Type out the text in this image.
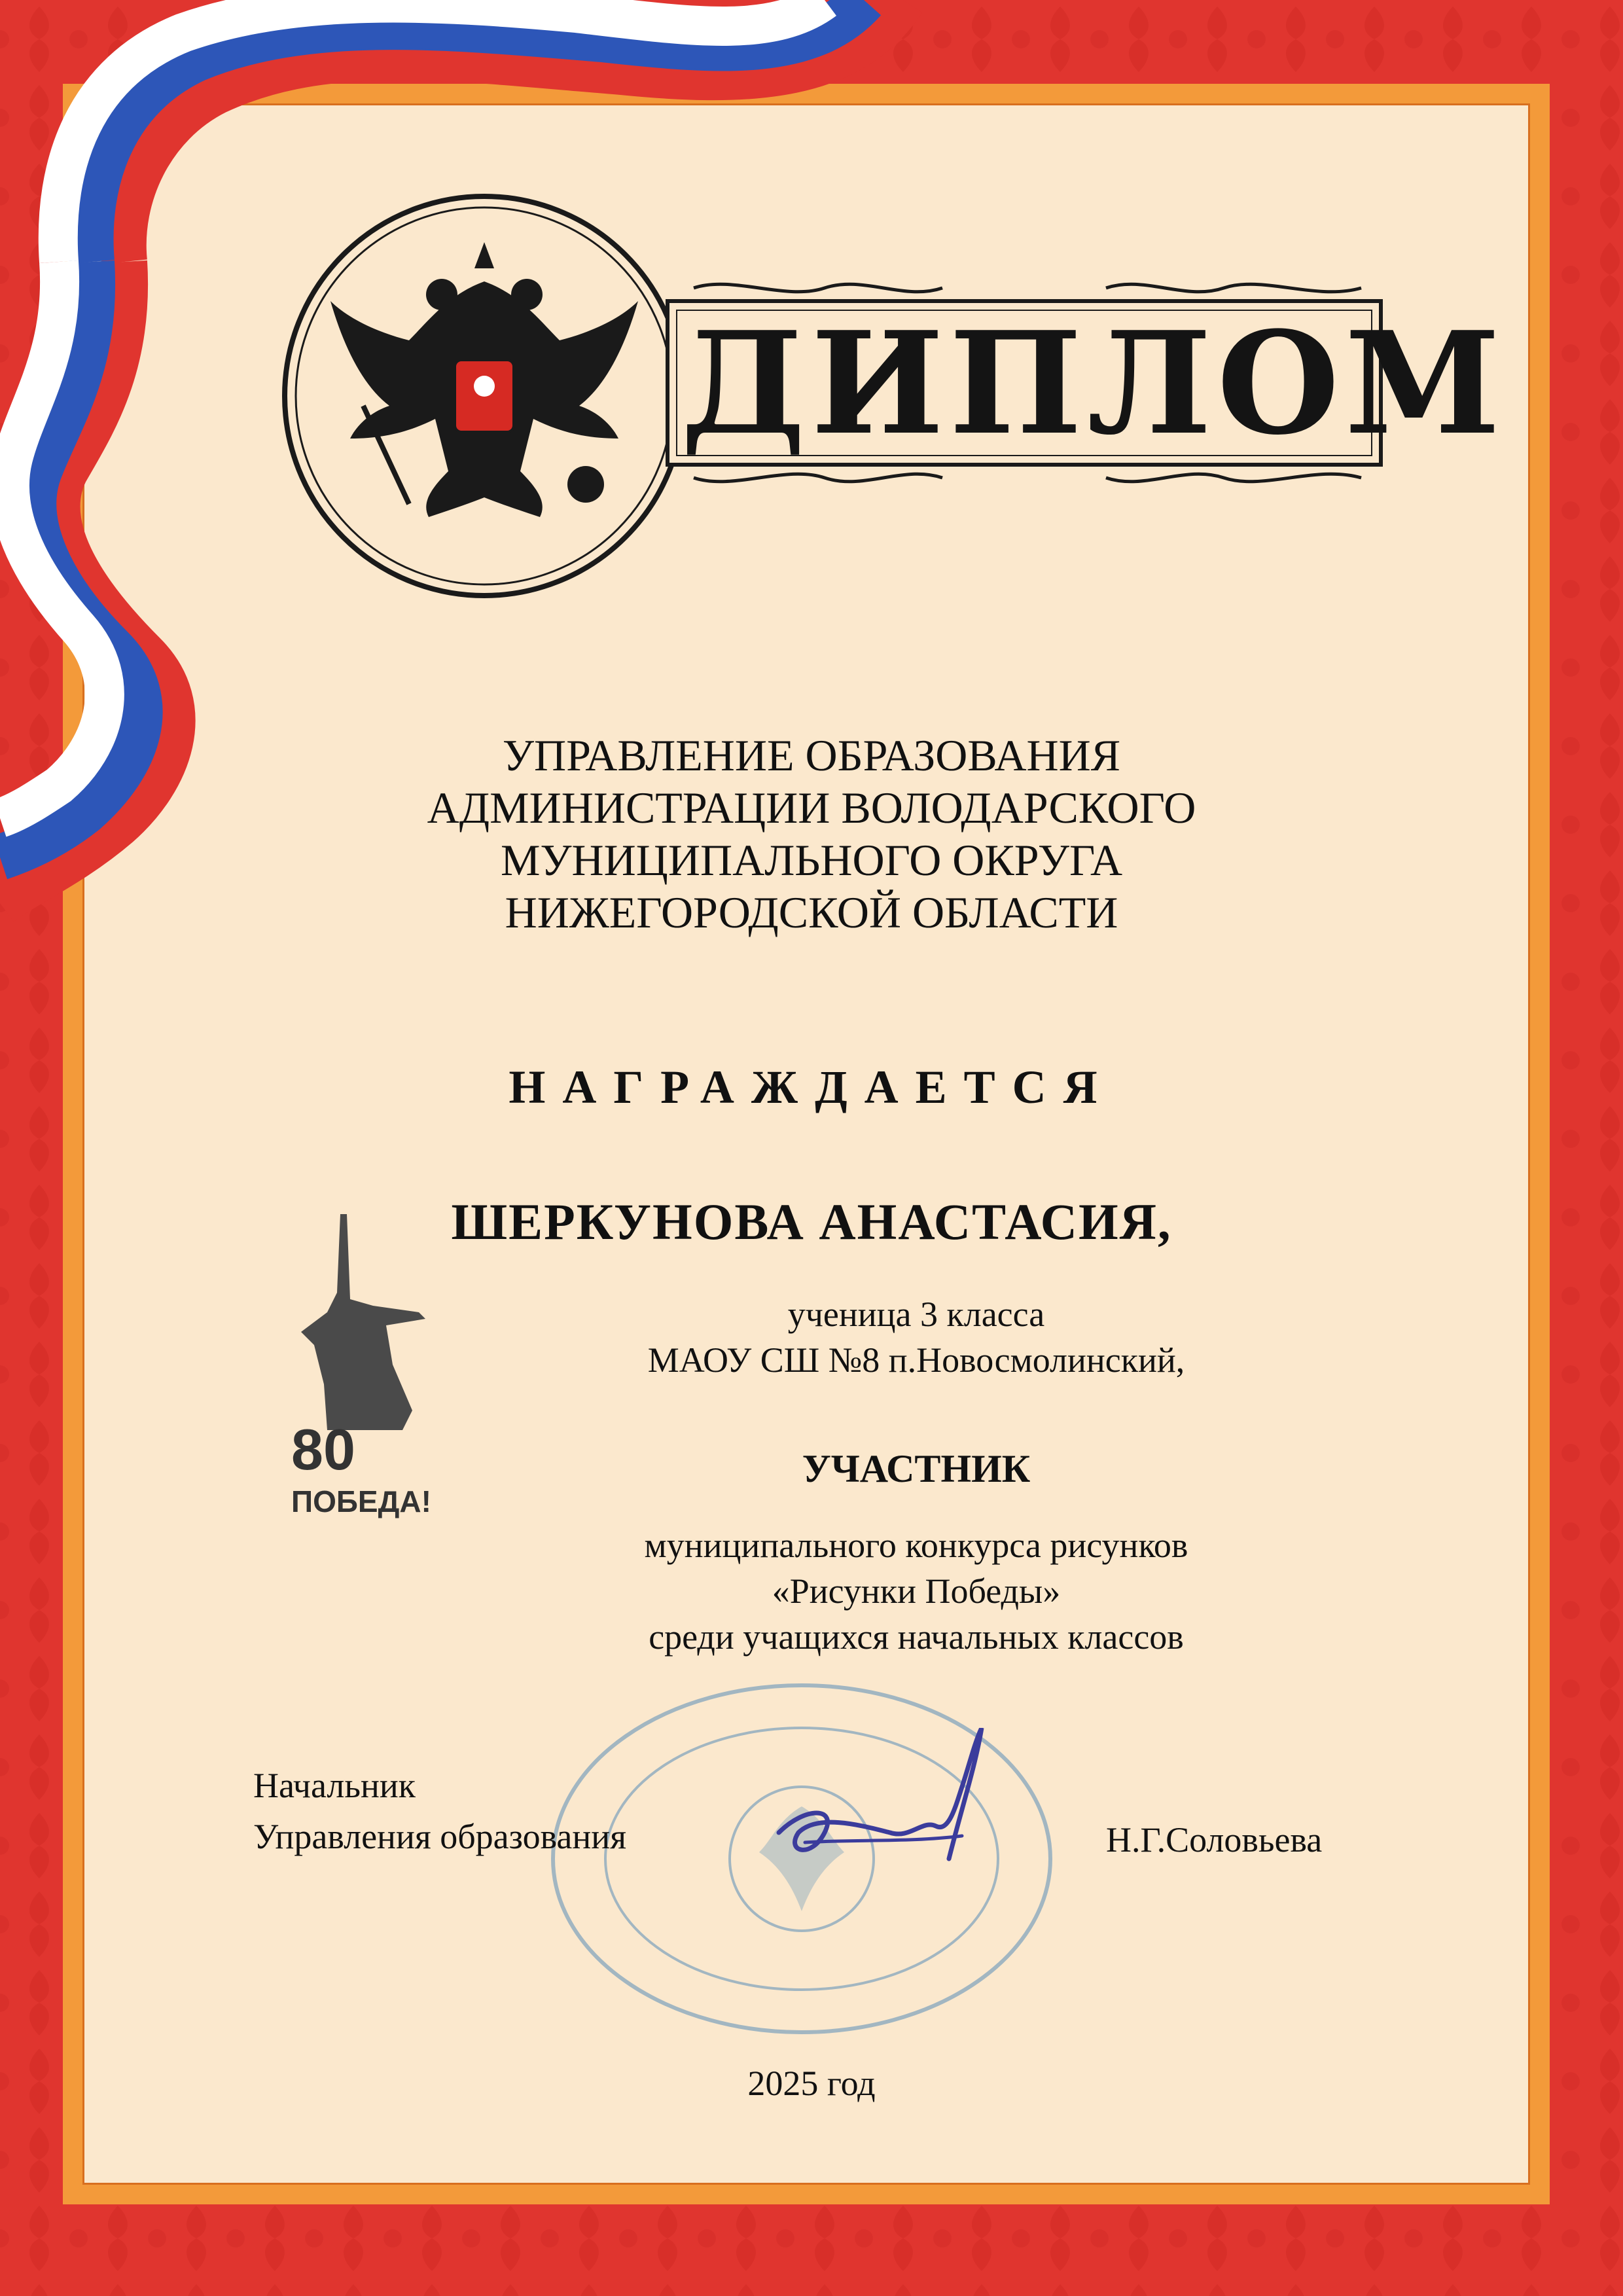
ДИПЛОМ
УПРАВЛЕНИЕ ОБРАЗОВАНИЯ
АДМИНИСТРАЦИИ ВОЛОДАРСКОГО
МУНИЦИПАЛЬНОГО ОКРУГА
НИЖЕГОРОДСКОЙ ОБЛАСТИ
НАГРАЖДАЕТСЯ
ШЕРКУНОВА АНАСТАСИЯ,
ученица 3 класса
МАОУ СШ №8 п.Новосмолинский,
УЧАСТНИК
муниципального конкурса рисунков
«Рисунки Победы»
среди учащихся начальных классов
80
ПОБЕДА!
Начальник
Управления образования	Н.Г.Соловьева
2025 год
